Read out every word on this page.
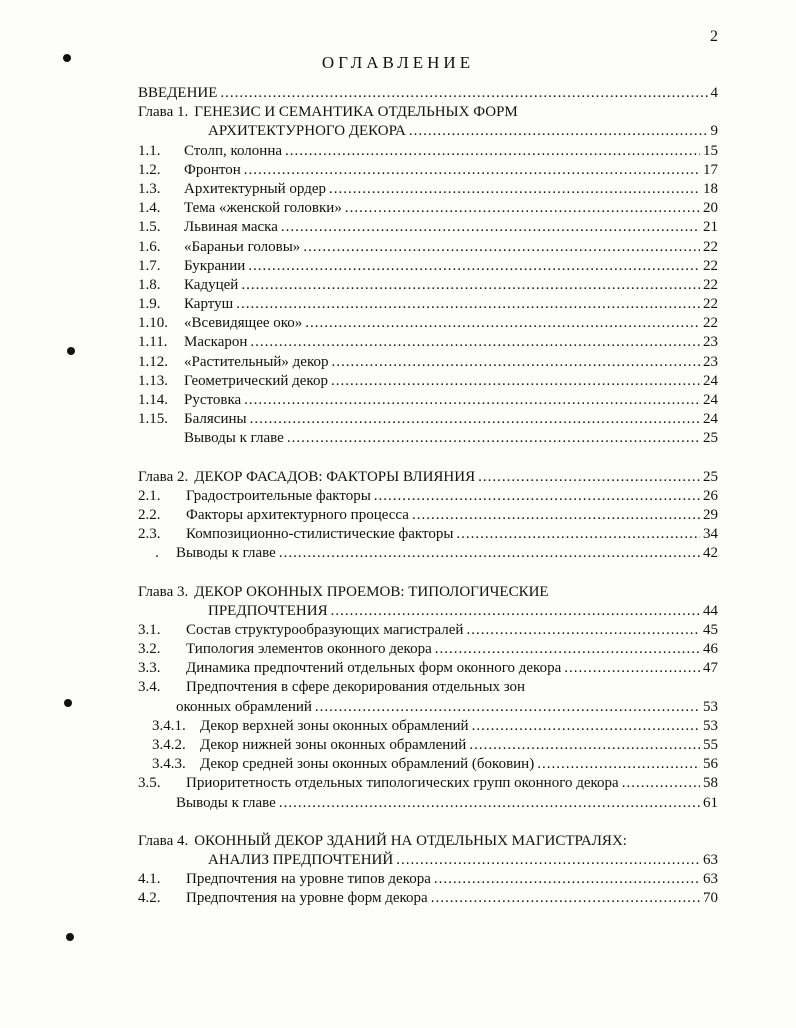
2
ОГЛАВЛЕНИЕ
ВВЕДЕНИЕ .....	4
Глава 1. ГЕНЕЗИС И СЕМАНТИКА ОТДЕЛЬНЫХ ФОРМ
АРХИТЕКТУРНОГО ДЕКОРА .....	9
1.1.	Столп, колонна .....	15
1.2.	Фронтон .....	17
1.3.	Архитектурный ордер .....	18
1.4.	Тема «женской головки» .....	20
1.5.	Львиная маска .....	21
1.6.	«Бараньи головы» .....	22
1.7.	Букрании .....	22
1.8.	Кадуцей .....	22
1.9.	Картуш .....	22
1.10.	«Всевидящее око» .....	22
1.11.	Маскарон .....	23
1.12.	«Растительный» декор .....	23
1.13.	Геометрический декор .....	24
1.14.	Рустовка .....	24
1.15.	Балясины .....	24
Выводы к главе .....	25
Глава 2. ДЕКОР ФАСАДОВ: ФАКТОРЫ ВЛИЯНИЯ .....	25
2.1.	Градостроительные факторы .....	26
2.2.	Факторы архитектурного процесса .....	29
2.3.	Композиционно-стилистические факторы .....	34
.	Выводы к главе .....	42
Глава 3. ДЕКОР ОКОННЫХ ПРОЕМОВ: ТИПОЛОГИЧЕСКИЕ
ПРЕДПОЧТЕНИЯ .....	44
3.1.	Состав структурообразующих магистралей .....	45
3.2.	Типология элементов оконного декора .....	46
3.3.	Динамика предпочтений отдельных форм оконного декора .....	47
3.4.	Предпочтения в сфере декорирования отдельных зон
оконных обрамлений .....	53
3.4.1. Декор верхней зоны оконных обрамлений .....	53
3.4.2. Декор нижней зоны оконных обрамлений .....	55
3.4.3. Декор средней зоны оконных обрамлений (боковин) .....	56
3.5.	Приоритетность отдельных типологических групп оконного декора .....	58
Выводы к главе .....	61
Глава 4. ОКОННЫЙ ДЕКОР ЗДАНИЙ НА ОТДЕЛЬНЫХ МАГИСТРАЛЯХ:
АНАЛИЗ ПРЕДПОЧТЕНИЙ .....	63
4.1.	Предпочтения на уровне типов декора .....	63
4.2.	Предпочтения на уровне форм декора .....	70
